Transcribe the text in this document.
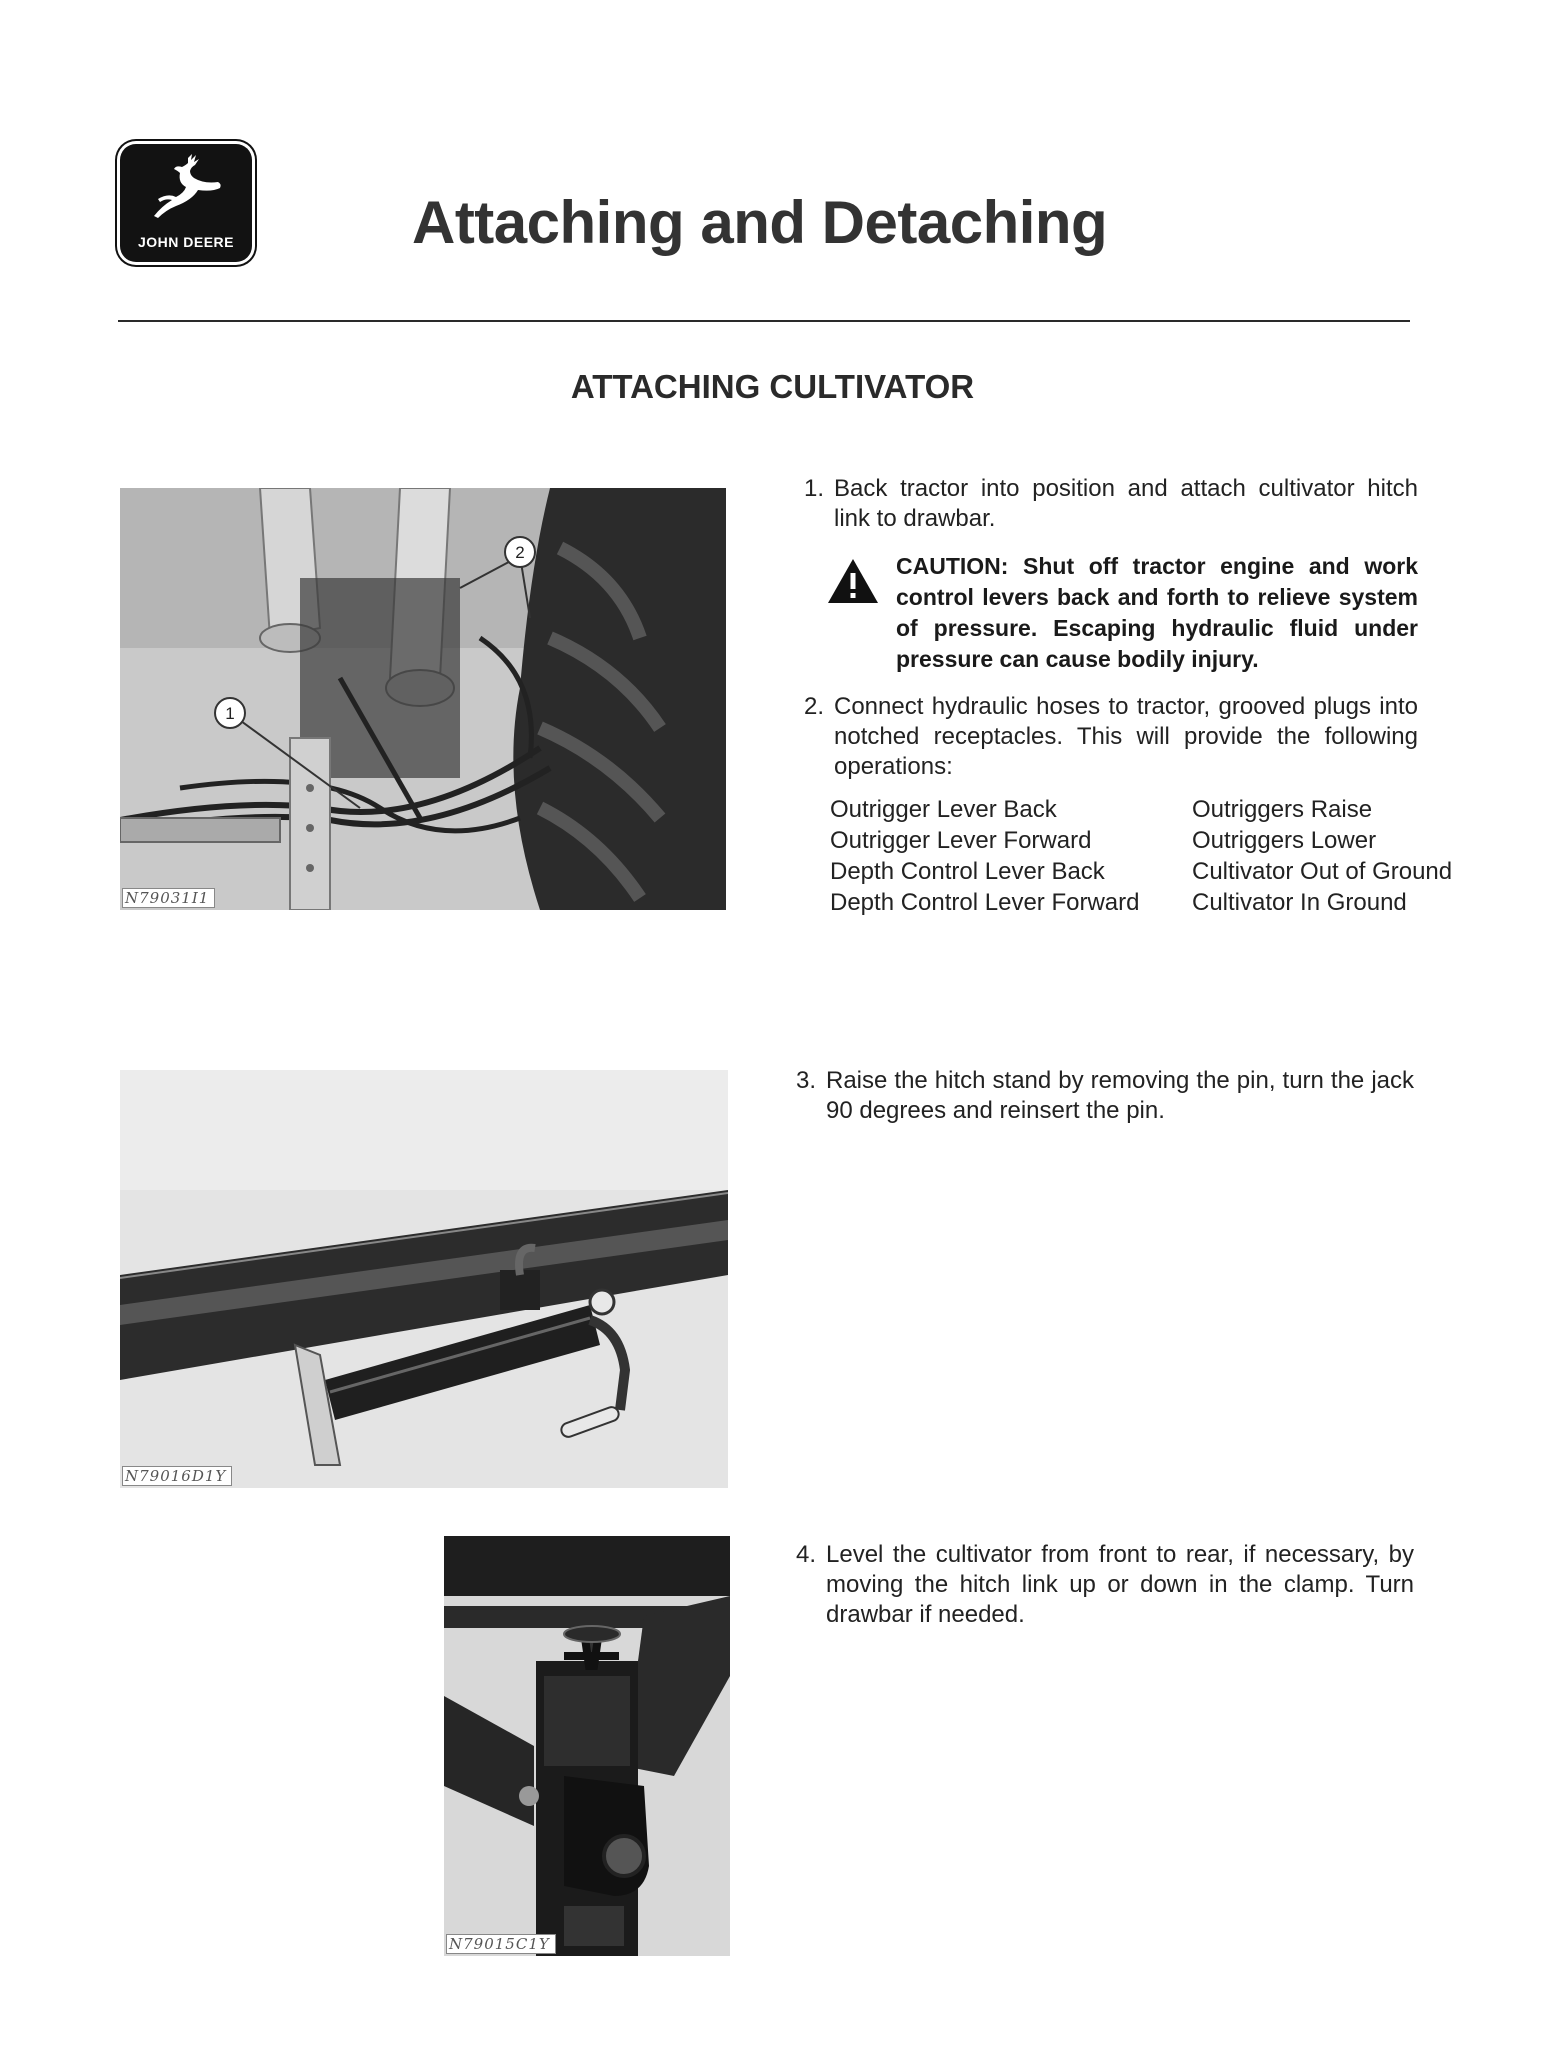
JOHN DEERE	Attaching and Detaching
ATTACHING CULTIVATOR
1
2
N79031I1
N79016D1Y
N79015C1Y
1. Back tractor into position and attach cultivator hitch link to drawbar.
CAUTION: Shut off tractor engine and work control levers back and forth to relieve system of pressure. Escaping hydraulic fluid under pressure can cause bodily injury.
2. Connect hydraulic hoses to tractor, grooved plugs into notched receptacles. This will provide the following operations:
Outrigger Lever Back	Outriggers Raise
Outrigger Lever Forward	Outriggers Lower
Depth Control Lever Back	Cultivator Out of Ground
Depth Control Lever Forward	Cultivator In Ground
3. Raise the hitch stand by removing the pin, turn the jack 90 degrees and reinsert the pin.
4. Level the cultivator from front to rear, if necessary, by moving the hitch link up or down in the clamp. Turn drawbar if needed.
